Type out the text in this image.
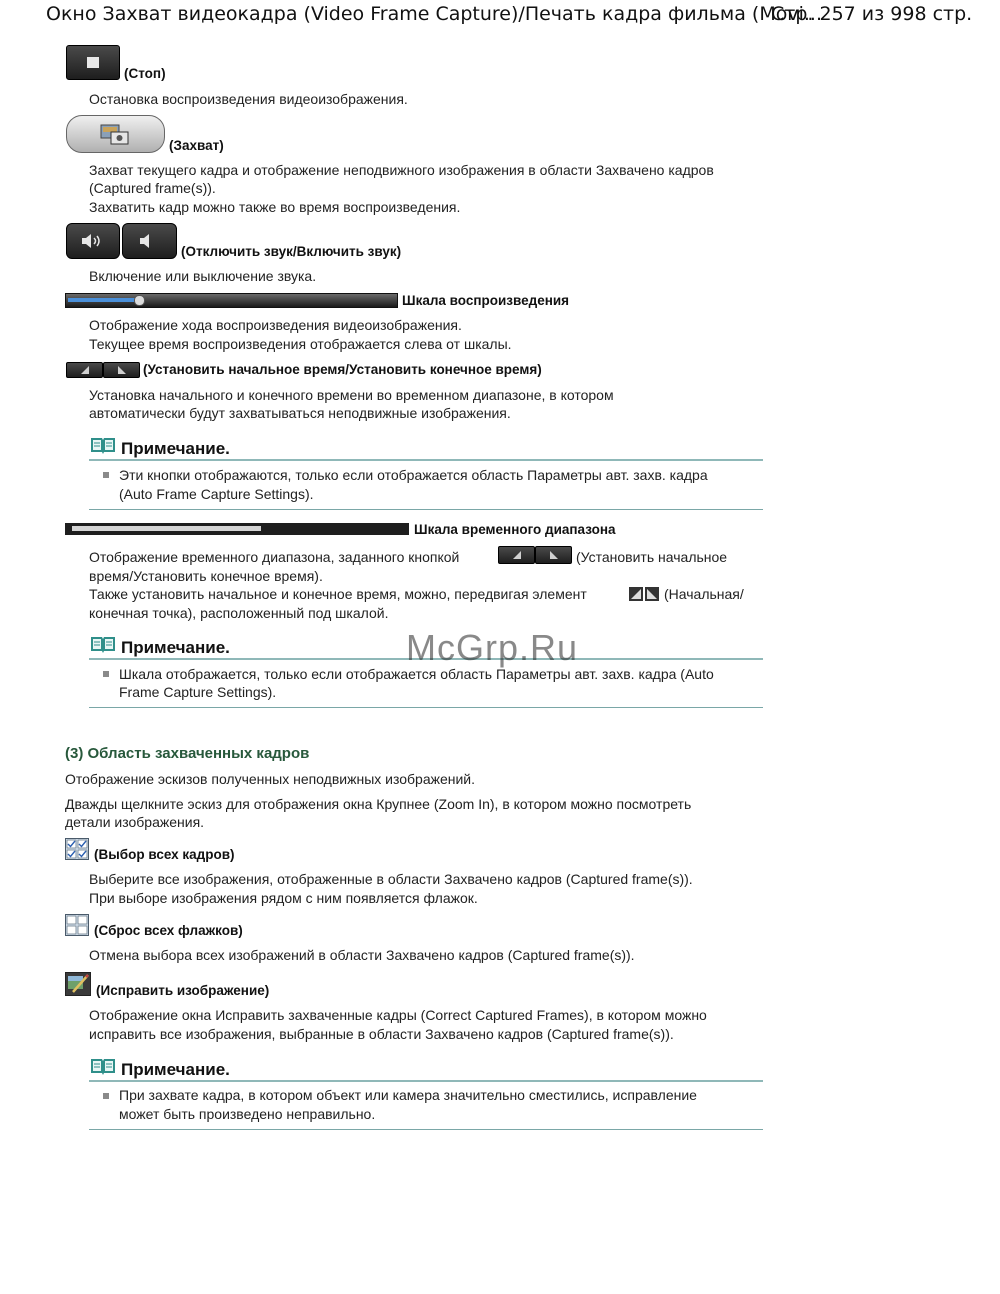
Окно Захват видеокадра (Video Frame Capture)/Печать кадра фильма (Movi...
Стр. 257 из 998 стр.
(Стоп)
Остановка воспроизведения видеоизображения.
(Захват)
Захват текущего кадра и отображение неподвижного изображения в области Захвачено кадров
(Captured frame(s)).
Захватить кадр можно также во время воспроизведения.
(Отключить звук/Включить звук)
Включение или выключение звука.
Шкала воспроизведения
Отображение хода воспроизведения видеоизображения.
Текущее время воспроизведения отображается слева от шкалы.
(Установить начальное время/Установить конечное время)
Установка начального и конечного времени во временном диапазоне, в котором
автоматически будут захватываться неподвижные изображения.
Примечание.
Эти кнопки отображаются, только если отображается область Параметры авт. захв. кадра
(Auto Frame Capture Settings).
Шкала временного диапазона
Отображение временного диапазона, заданного кнопкой	(Установить начальное
время/Установить конечное время).
Также установить начальное и конечное время, можно, передвигая элемент	(Начальная/
конечная точка), расположенный под шкалой.
Примечание.
Шкала отображается, только если отображается область Параметры авт. захв. кадра (Auto
Frame Capture Settings).
McGrp.Ru
(3) Область захваченных кадров
Отображение эскизов полученных неподвижных изображений.
Дважды щелкните эскиз для отображения окна Крупнее (Zoom In), в котором можно посмотреть
детали изображения.
(Выбор всех кадров)
Выберите все изображения, отображенные в области Захвачено кадров (Captured frame(s)).
При выборе изображения рядом с ним появляется флажок.
(Сброс всех флажков)
Отмена выбора всех изображений в области Захвачено кадров (Captured frame(s)).
(Исправить изображение)
Отображение окна Исправить захваченные кадры (Correct Captured Frames), в котором можно
исправить все изображения, выбранные в области Захвачено кадров (Captured frame(s)).
Примечание.
При захвате кадра, в котором объект или камера значительно сместились, исправление
может быть произведено неправильно.
